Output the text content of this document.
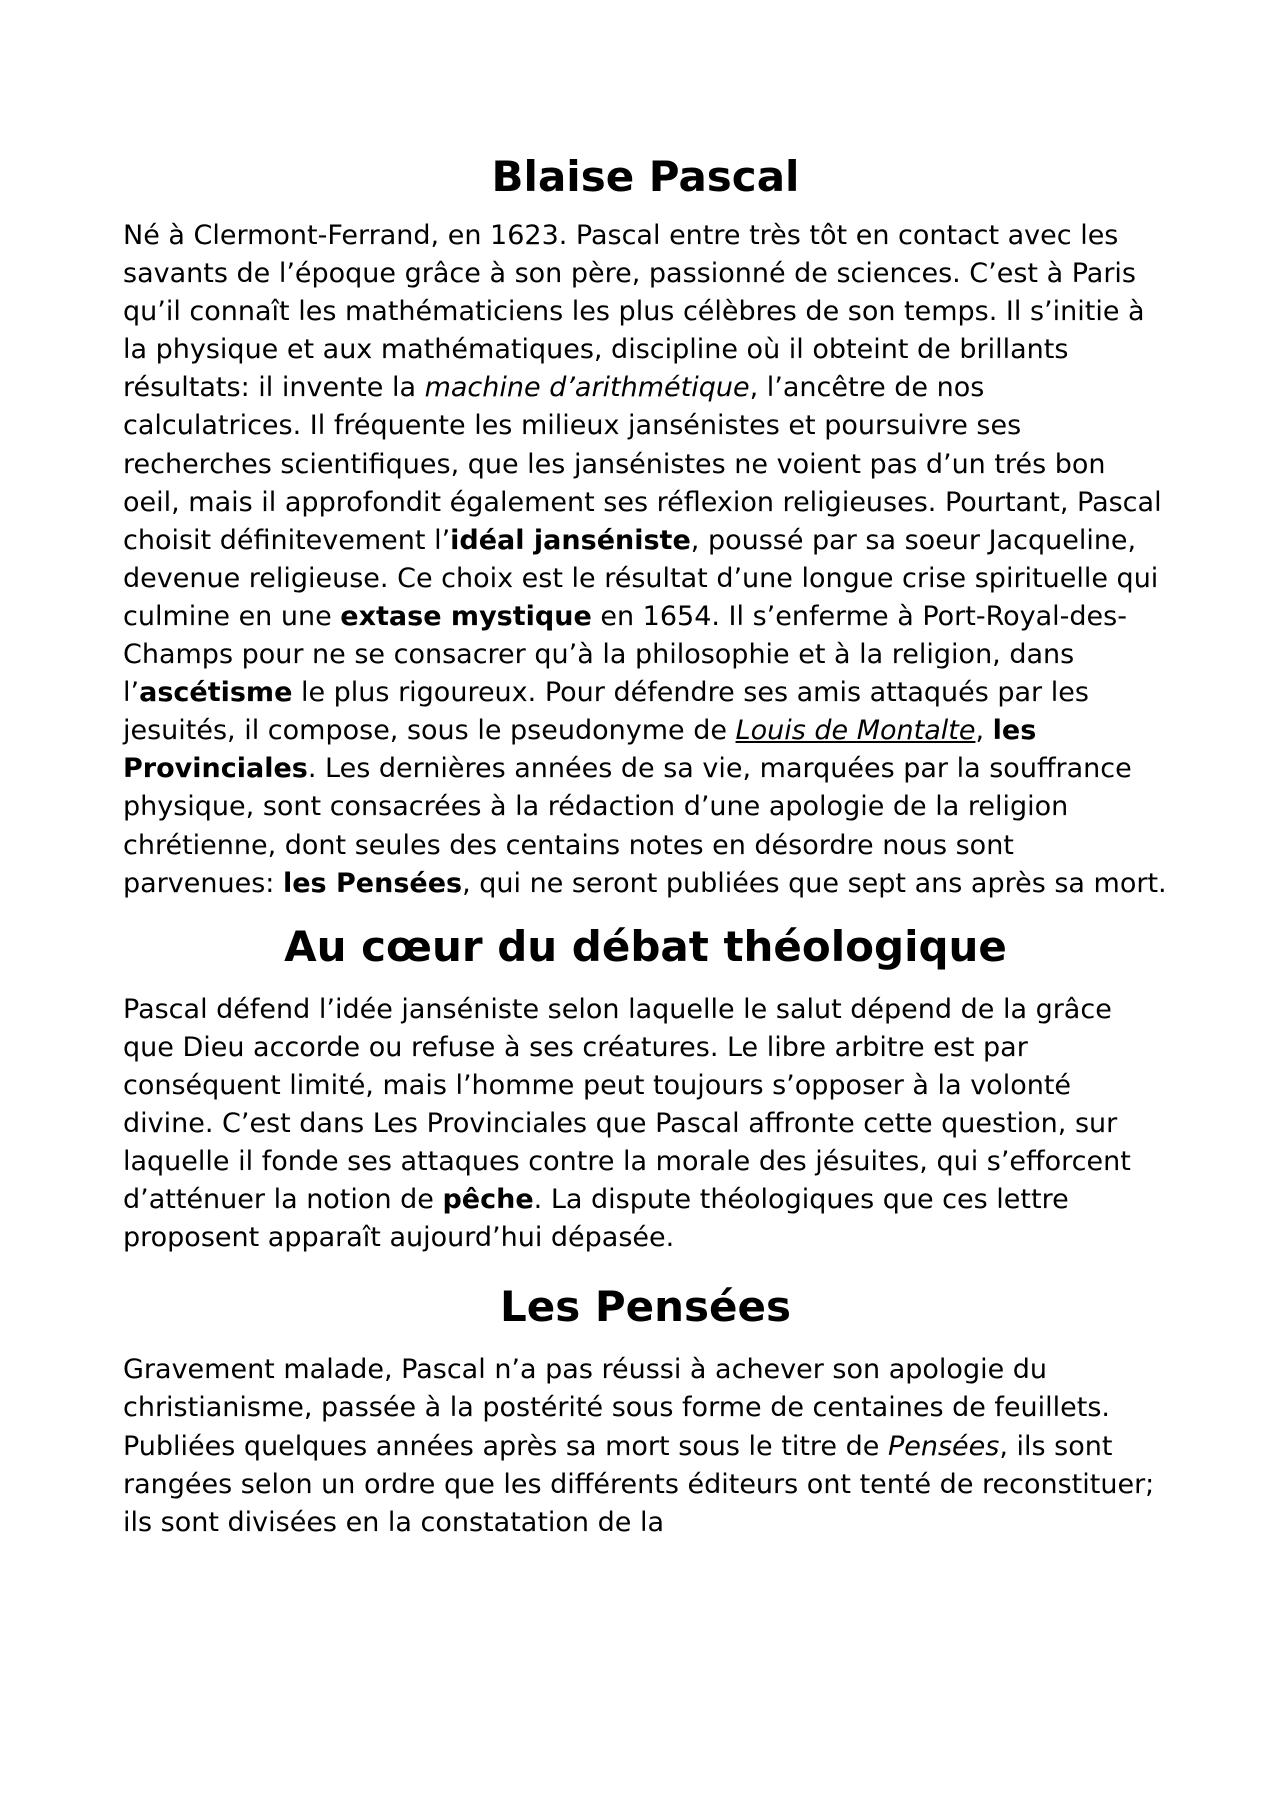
Blaise Pascal

Né à Clermont-Ferrand, en 1623. Pascal entre très tôt en contact avec les savants de l’époque grâce à son père, passionné de sciences. C’est à Paris qu’il connaît les mathématiciens les plus célèbres de son temps. Il s’initie à la physique et aux mathématiques, discipline où il obteint de brillants résultats: il invente la machine d’arithmétique, l’ancêtre de nos calculatrices. Il fréquente les milieux jansénistes et poursuivre ses recherches scientifiques, que les jansénistes ne voient pas d’un trés bon oeil, mais il approfondit également ses réflexion religieuses. Pourtant, Pascal choisit définitevement l’idéal janséniste, poussé par sa soeur Jacqueline, devenue religieuse. Ce choix est le résultat d’une longue crise spirituelle qui culmine en une extase mystique en 1654. Il s’enferme à Port-Royal-des-Champs pour ne se consacrer qu’à la philosophie et à la religion, dans l’ascétisme le plus rigoureux. Pour défendre ses amis attaqués par les jesuités, il compose, sous le pseudonyme de Louis de Montalte, les Provinciales. Les dernières années de sa vie, marquées par la souffrance physique, sont consacrées à la rédaction d’une apologie de la religion chrétienne, dont seules des centains notes en désordre nous sont parvenues: les Pensées, qui ne seront publiées que sept ans après sa mort.

Au cœur du débat théologique

Pascal défend l’idée janséniste selon laquelle le salut dépend de la grâce que Dieu accorde ou refuse à ses créatures. Le libre arbitre est par conséquent limité, mais l’homme peut toujours s’opposer à la volonté divine. C’est dans Les Provinciales que Pascal affronte cette question, sur laquelle il fonde ses attaques contre la morale des jésuites, qui s’efforcent d’atténuer la notion de pêche. La dispute théologiques que ces lettre proposent apparaît aujourd’hui dépasée.

Les Pensées

Gravement malade, Pascal n’a pas réussi à achever son apologie du christianisme, passée à la postérité sous forme de centaines de feuillets. Publiées quelques années après sa mort sous le titre de Pensées, ils sont rangées selon un ordre que les différents éditeurs ont tenté de reconstituer; ils sont divisées en la constatation de la
